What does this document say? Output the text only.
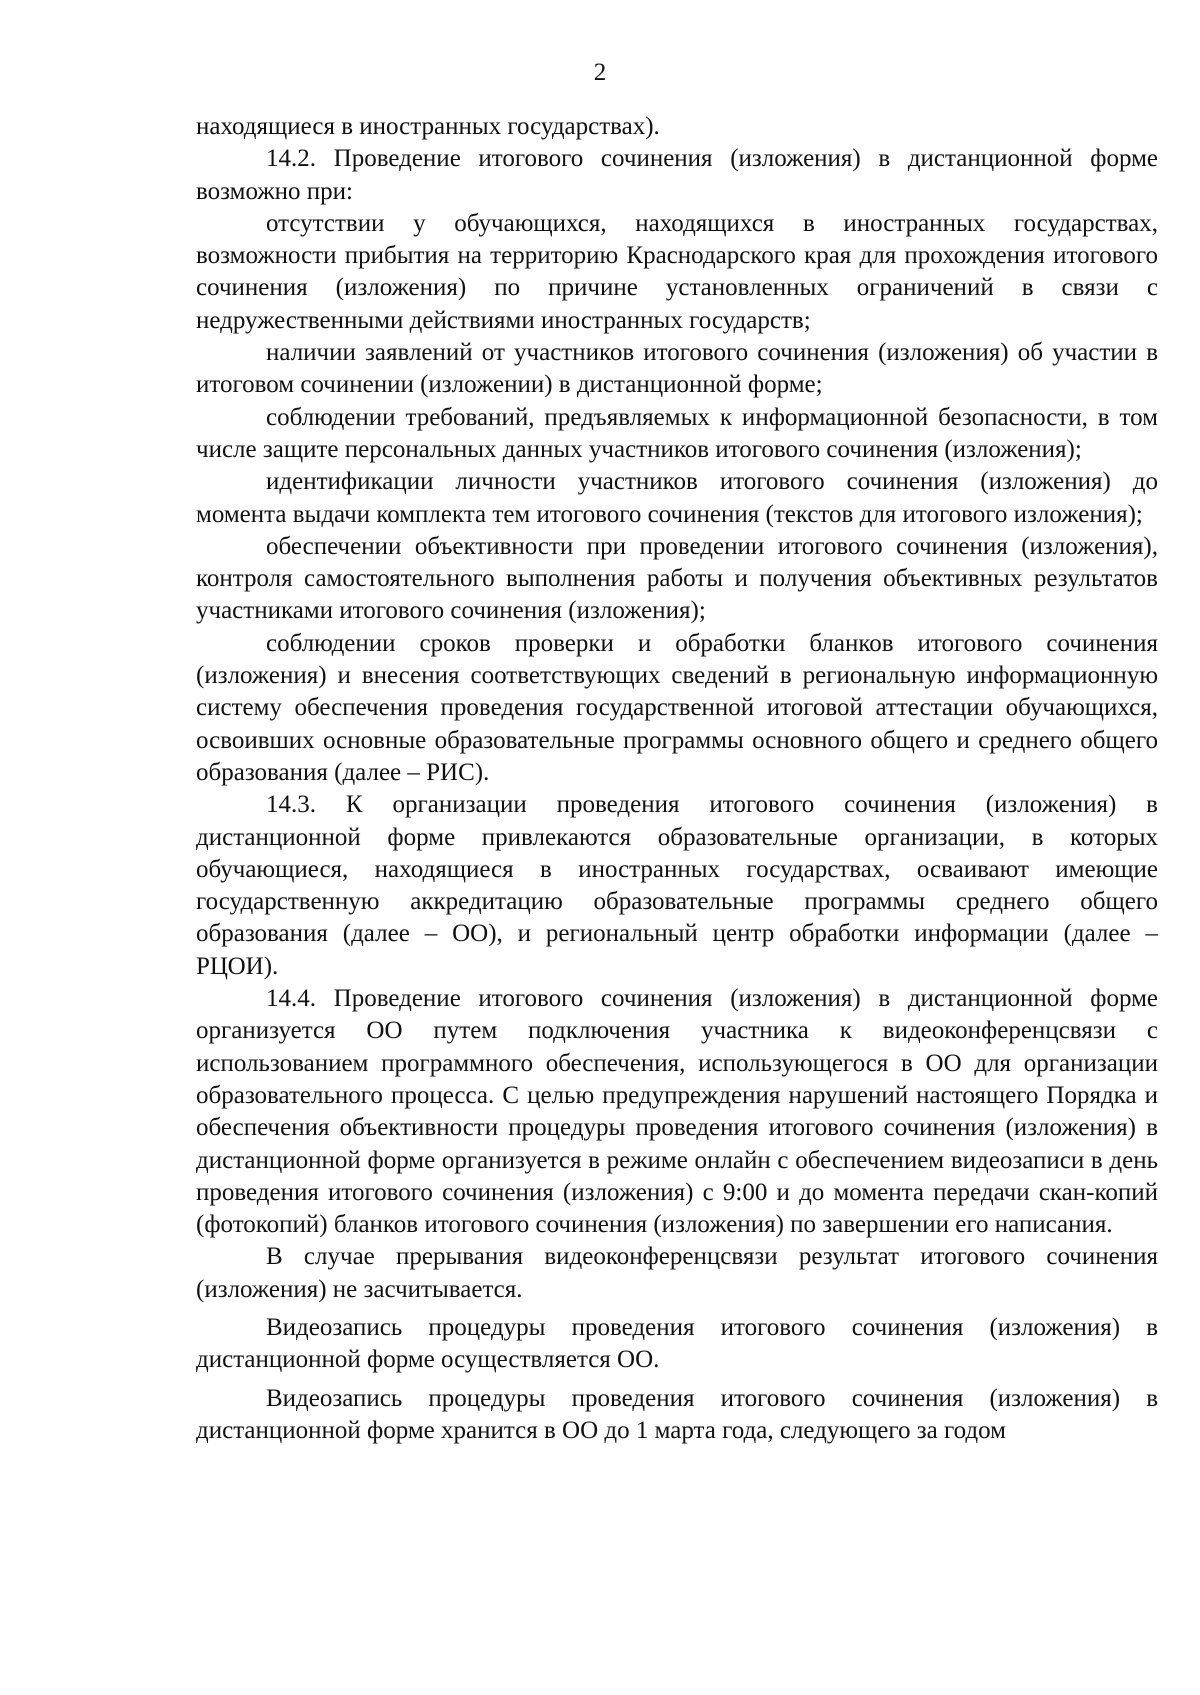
2

находящиеся в иностранных государствах).

14.2. Проведение итогового сочинения (изложения) в дистанционной форме возможно при:

отсутствии у обучающихся, находящихся в иностранных государствах, возможности прибытия на территорию Краснодарского края для прохождения итогового сочинения (изложения) по причине установленных ограничений в связи с недружественными действиями иностранных государств;

наличии заявлений от участников итогового сочинения (изложения) об участии в итоговом сочинении (изложении) в дистанционной форме;

соблюдении требований, предъявляемых к информационной безопасности, в том числе защите персональных данных участников итогового сочинения (изложения);

идентификации личности участников итогового сочинения (изложения) до момента выдачи комплекта тем итогового сочинения (текстов для итогового изложения);

обеспечении объективности при проведении итогового сочинения (изложения), контроля самостоятельного выполнения работы и получения объективных результатов участниками итогового сочинения (изложения);

соблюдении сроков проверки и обработки бланков итогового сочинения (изложения) и внесения соответствующих сведений в региональную информационную систему обеспечения проведения государственной итоговой аттестации обучающихся, освоивших основные образовательные программы основного общего и среднего общего образования (далее – РИС).

14.3. К организации проведения итогового сочинения (изложения) в дистанционной форме привлекаются образовательные организации, в которых обучающиеся, находящиеся в иностранных государствах, осваивают имеющие государственную аккредитацию образовательные программы среднего общего образования (далее – ОО), и региональный центр обработки информации (далее – РЦОИ).

14.4. Проведение итогового сочинения (изложения) в дистанционной форме организуется ОО путем подключения участника к видеоконференцсвязи с использованием программного обеспечения, использующегося в ОО для организации образовательного процесса. С целью предупреждения нарушений настоящего Порядка и обеспечения объективности процедуры проведения итогового сочинения (изложения) в дистанционной форме организуется в режиме онлайн с обеспечением видеозаписи в день проведения итогового сочинения (изложения) с 9:00 и до момента передачи скан-копий (фотокопий) бланков итогового сочинения (изложения) по завершении его написания.

В случае прерывания видеоконференцсвязи результат итогового сочинения (изложения) не засчитывается.

Видеозапись процедуры проведения итогового сочинения (изложения) в дистанционной форме осуществляется ОО.

Видеозапись процедуры проведения итогового сочинения (изложения) в дистанционной форме хранится в ОО до 1 марта года, следующего за годом
